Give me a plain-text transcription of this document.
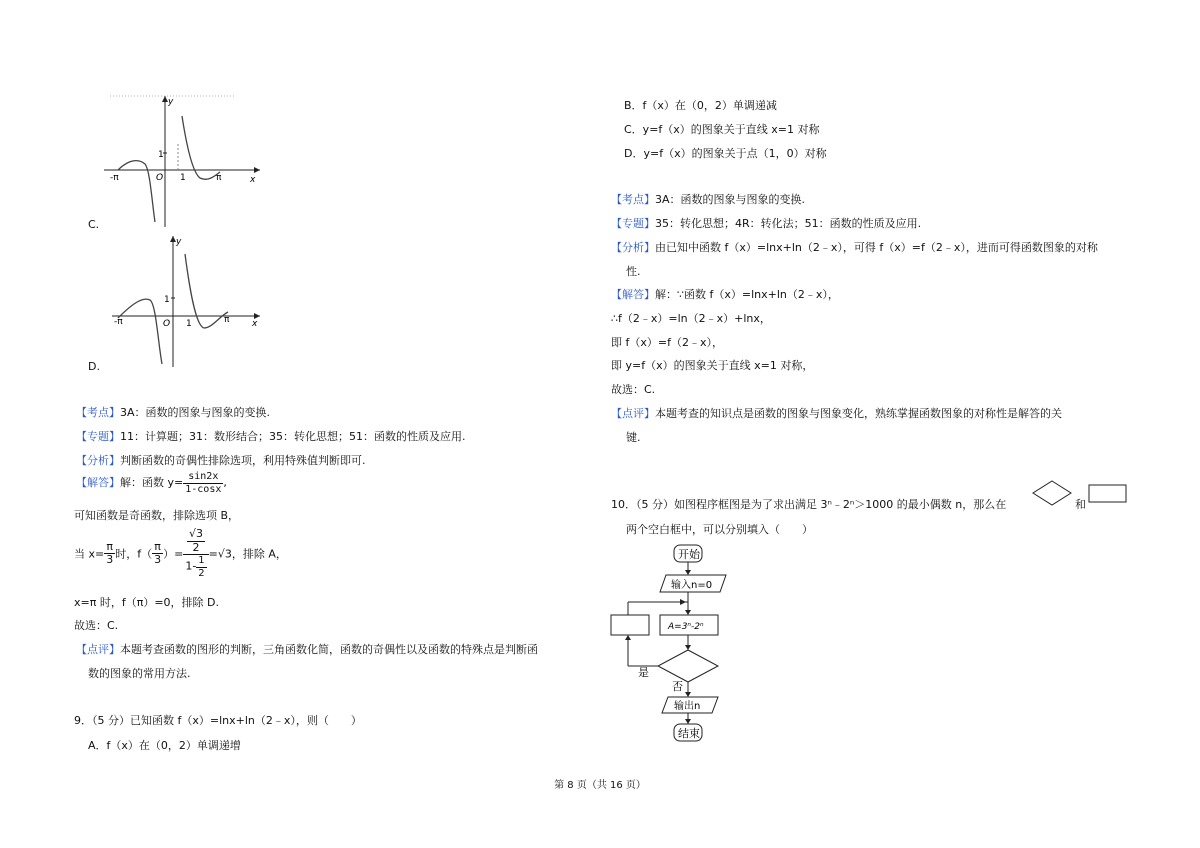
y
1
-π	O 1	π	x
C.
y
1
-π	O 1	π	x
D.
【考点】3A：函数的图象与图象的变换.
【专题】11：计算题；31：数形结合；35：转化思想；51：函数的性质及应用.
【分析】判断函数的奇偶性排除选项，利用特殊值判断即可.
【解答】解：函数 $y= \frac{\sin 2x}{1-\cos x}$ ,
可知函数是奇函数，排除选项 B，
当 $x= \frac{\pi}{3}$ 时，$f( \frac{\pi}{3}$ ）= $\frac{\frac{√3}{2}}{1- \frac{1}{2}} =√3$，排除 A，
x=π 时，f（π）=0，排除 D.
故选：C.
【点评】本题考查函数的图形的判断，三角函数化简，函数的奇偶性以及函数的特殊点是判断函
数的图象的常用方法.
9．（5 分）已知函数 f（x）=lnx+ln（2﹣x），则（　　）
A．f（x）在（0，2）单调递增
B．f（x）在（0，2）单调递减
C．y=f（x）的图象关于直线 x=1 对称
D．y=f（x）的图象关于点（1，0）对称
【考点】3A：函数的图象与图象的变换.
【专题】35：转化思想；4R：转化法；51：函数的性质及应用.
【分析】由已知中函数 f（x）=lnx+ln（2﹣x），可得 f（x）=f（2﹣x），进而可得函数图象的对称
性.
【解答】解：∵函数 f（x）=lnx+ln（2﹣x），
∴f（2﹣x）=ln（2﹣x）+lnx，
即 f（x）=f（2﹣x），
即 y=f（x）的图象关于直线 x=1 对称，
故选：C.
【点评】本题考查的知识点是函数的图象与图象变化，熟练掌握函数图象的对称性是解答的关
键.
10．（5 分）如图程序框图是为了求出满足 3ⁿ﹣2ⁿ＞1000 的最小偶数 n，那么在	和
两个空白框中，可以分别填入（　　）
开始
输入n=0
A=3ⁿ-2ⁿ
是
否
输出n
结束
第 8 页（共 16 页）
